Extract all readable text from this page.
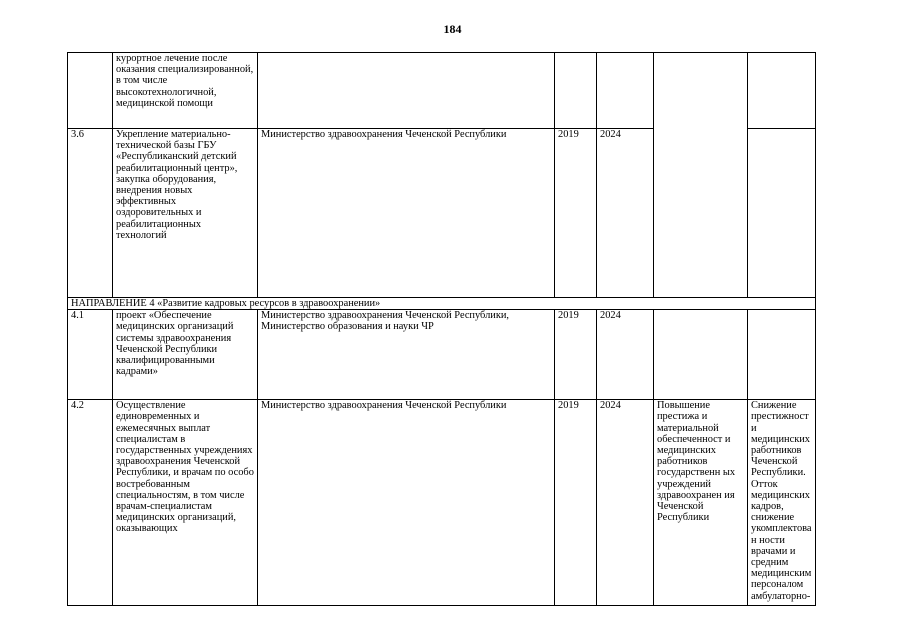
184
	курортное лечение после оказания специализированной, в том числе высокотехнологичной, медицинской помощи					
3.6	Укрепление материально-технической базы ГБУ «Республиканский детский реабилитационный центр», закупка оборудования, внедрения новых эффективных оздоровительных и реабилитационных технологий	Министерство здравоохранения Чеченской Республики	2019	2024		
НАПРАВЛЕНИЕ 4 «Развитие кадровых ресурсов в здравоохранении»						
4.1	проект «Обеспечение медицинских организаций системы здравоохранения Чеченской Республики квалифицированными кадрами»	Министерство здравоохранения Чеченской Республики, Министерство образования и науки ЧР	2019	2024		
4.2	Осуществление единовременных и ежемесячных выплат специалистам в государственных учреждениях здравоохранения Чеченской Республики, и врачам по особо востребованным специальностям, в том числе врачам-специалистам медицинских организаций, оказывающих	Министерство здравоохранения Чеченской Республики	2019	2024	Повышение престижа и материальной обеспеченност и медицинских работников государственн ых учреждений здравоохранен ия Чеченской Республики	Снижение престижности медицинских работников Чеченской Республики. Отток медицинских кадров, снижение укомплектован ности врачами и средним медицинским персоналом амбулаторно-
